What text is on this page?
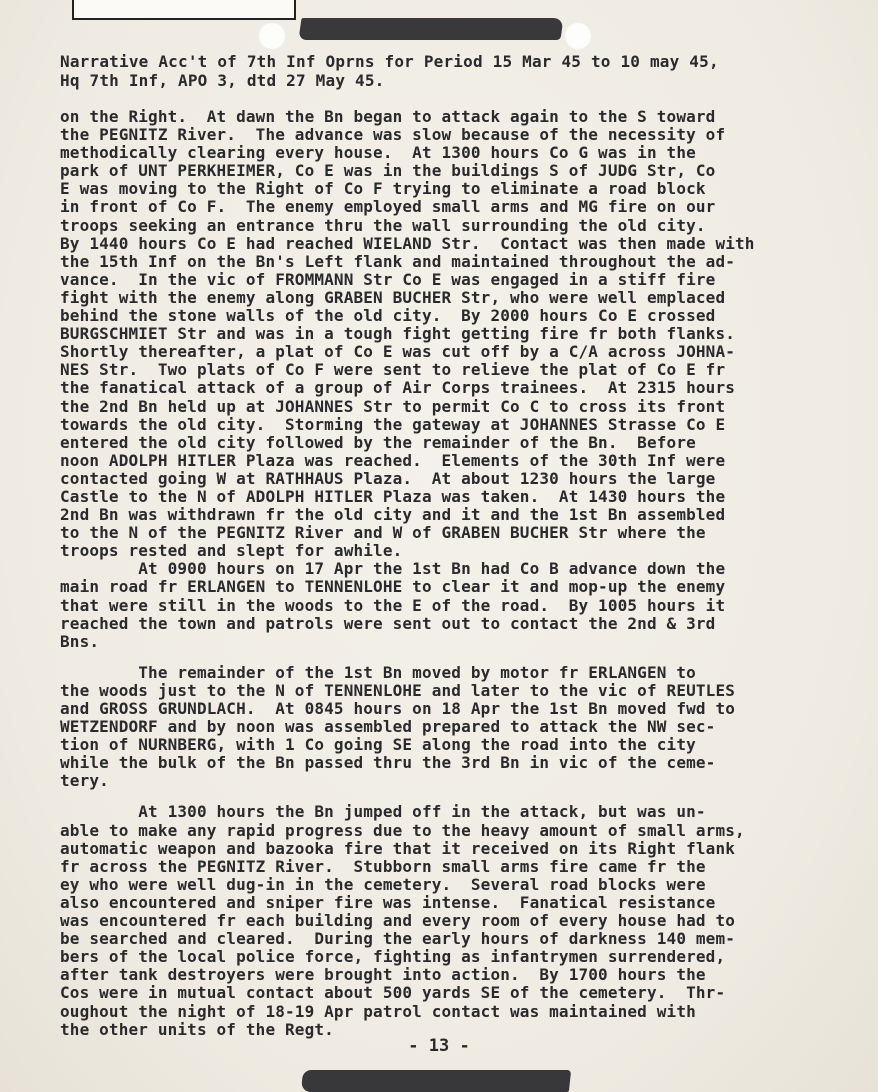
Narrative Acc't of 7th Inf Oprns for Period 15 Mar 45 to 10 may 45,
Hq 7th Inf, APO 3, dtd 27 May 45.
on the Right.  At dawn the Bn began to attack again to the S toward
the PEGNITZ River.  The advance was slow because of the necessity of
methodically clearing every house.  At 1300 hours Co G was in the
park of UNT PERKHEIMER, Co E was in the buildings S of JUDG Str, Co
E was moving to the Right of Co F trying to eliminate a road block
in front of Co F.  The enemy employed small arms and MG fire on our
troops seeking an entrance thru the wall surrounding the old city.
By 1440 hours Co E had reached WIELAND Str.  Contact was then made with
the 15th Inf on the Bn's Left flank and maintained throughout the ad-
vance.  In the vic of FROMMANN Str Co E was engaged in a stiff fire
fight with the enemy along GRABEN BUCHER Str, who were well emplaced
behind the stone walls of the old city.  By 2000 hours Co E crossed
BURGSCHMIET Str and was in a tough fight getting fire fr both flanks.
Shortly thereafter, a plat of Co E was cut off by a C/A across JOHNA-
NES Str.  Two plats of Co F were sent to relieve the plat of Co E fr
the fanatical attack of a group of Air Corps trainees.  At 2315 hours
the 2nd Bn held up at JOHANNES Str to permit Co C to cross its front
towards the old city.  Storming the gateway at JOHANNES Strasse Co E
entered the old city followed by the remainder of the Bn.  Before
noon ADOLPH HITLER Plaza was reached.  Elements of the 30th Inf were
contacted going W at RATHHAUS Plaza.  At about 1230 hours the large
Castle to the N of ADOLPH HITLER Plaza was taken.  At 1430 hours the
2nd Bn was withdrawn fr the old city and it and the 1st Bn assembled
to the N of the PEGNITZ River and W of GRABEN BUCHER Str where the
troops rested and slept for awhile.
At 0900 hours on 17 Apr the 1st Bn had Co B advance down the
main road fr ERLANGEN to TENNENLOHE to clear it and mop-up the enemy
that were still in the woods to the E of the road.  By 1005 hours it
reached the town and patrols were sent out to contact the 2nd & 3rd
Bns.
The remainder of the 1st Bn moved by motor fr ERLANGEN to
the woods just to the N of TENNENLOHE and later to the vic of REUTLES
and GROSS GRUNDLACH.  At 0845 hours on 18 Apr the 1st Bn moved fwd to
WETZENDORF and by noon was assembled prepared to attack the NW sec-
tion of NURNBERG, with 1 Co going SE along the road into the city
while the bulk of the Bn passed thru the 3rd Bn in vic of the ceme-
tery.
At 1300 hours the Bn jumped off in the attack, but was un-
able to make any rapid progress due to the heavy amount of small arms,
automatic weapon and bazooka fire that it received on its Right flank
fr across the PEGNITZ River.  Stubborn small arms fire came fr the
ey who were well dug-in in the cemetery.  Several road blocks were
also encountered and sniper fire was intense.  Fanatical resistance
was encountered fr each building and every room of every house had to
be searched and cleared.  During the early hours of darkness 140 mem-
bers of the local police force, fighting as infantrymen surrendered,
after tank destroyers were brought into action.  By 1700 hours the
Cos were in mutual contact about 500 yards SE of the cemetery.  Thr-
oughout the night of 18-19 Apr patrol contact was maintained with
the other units of the Regt.
- 13 -
